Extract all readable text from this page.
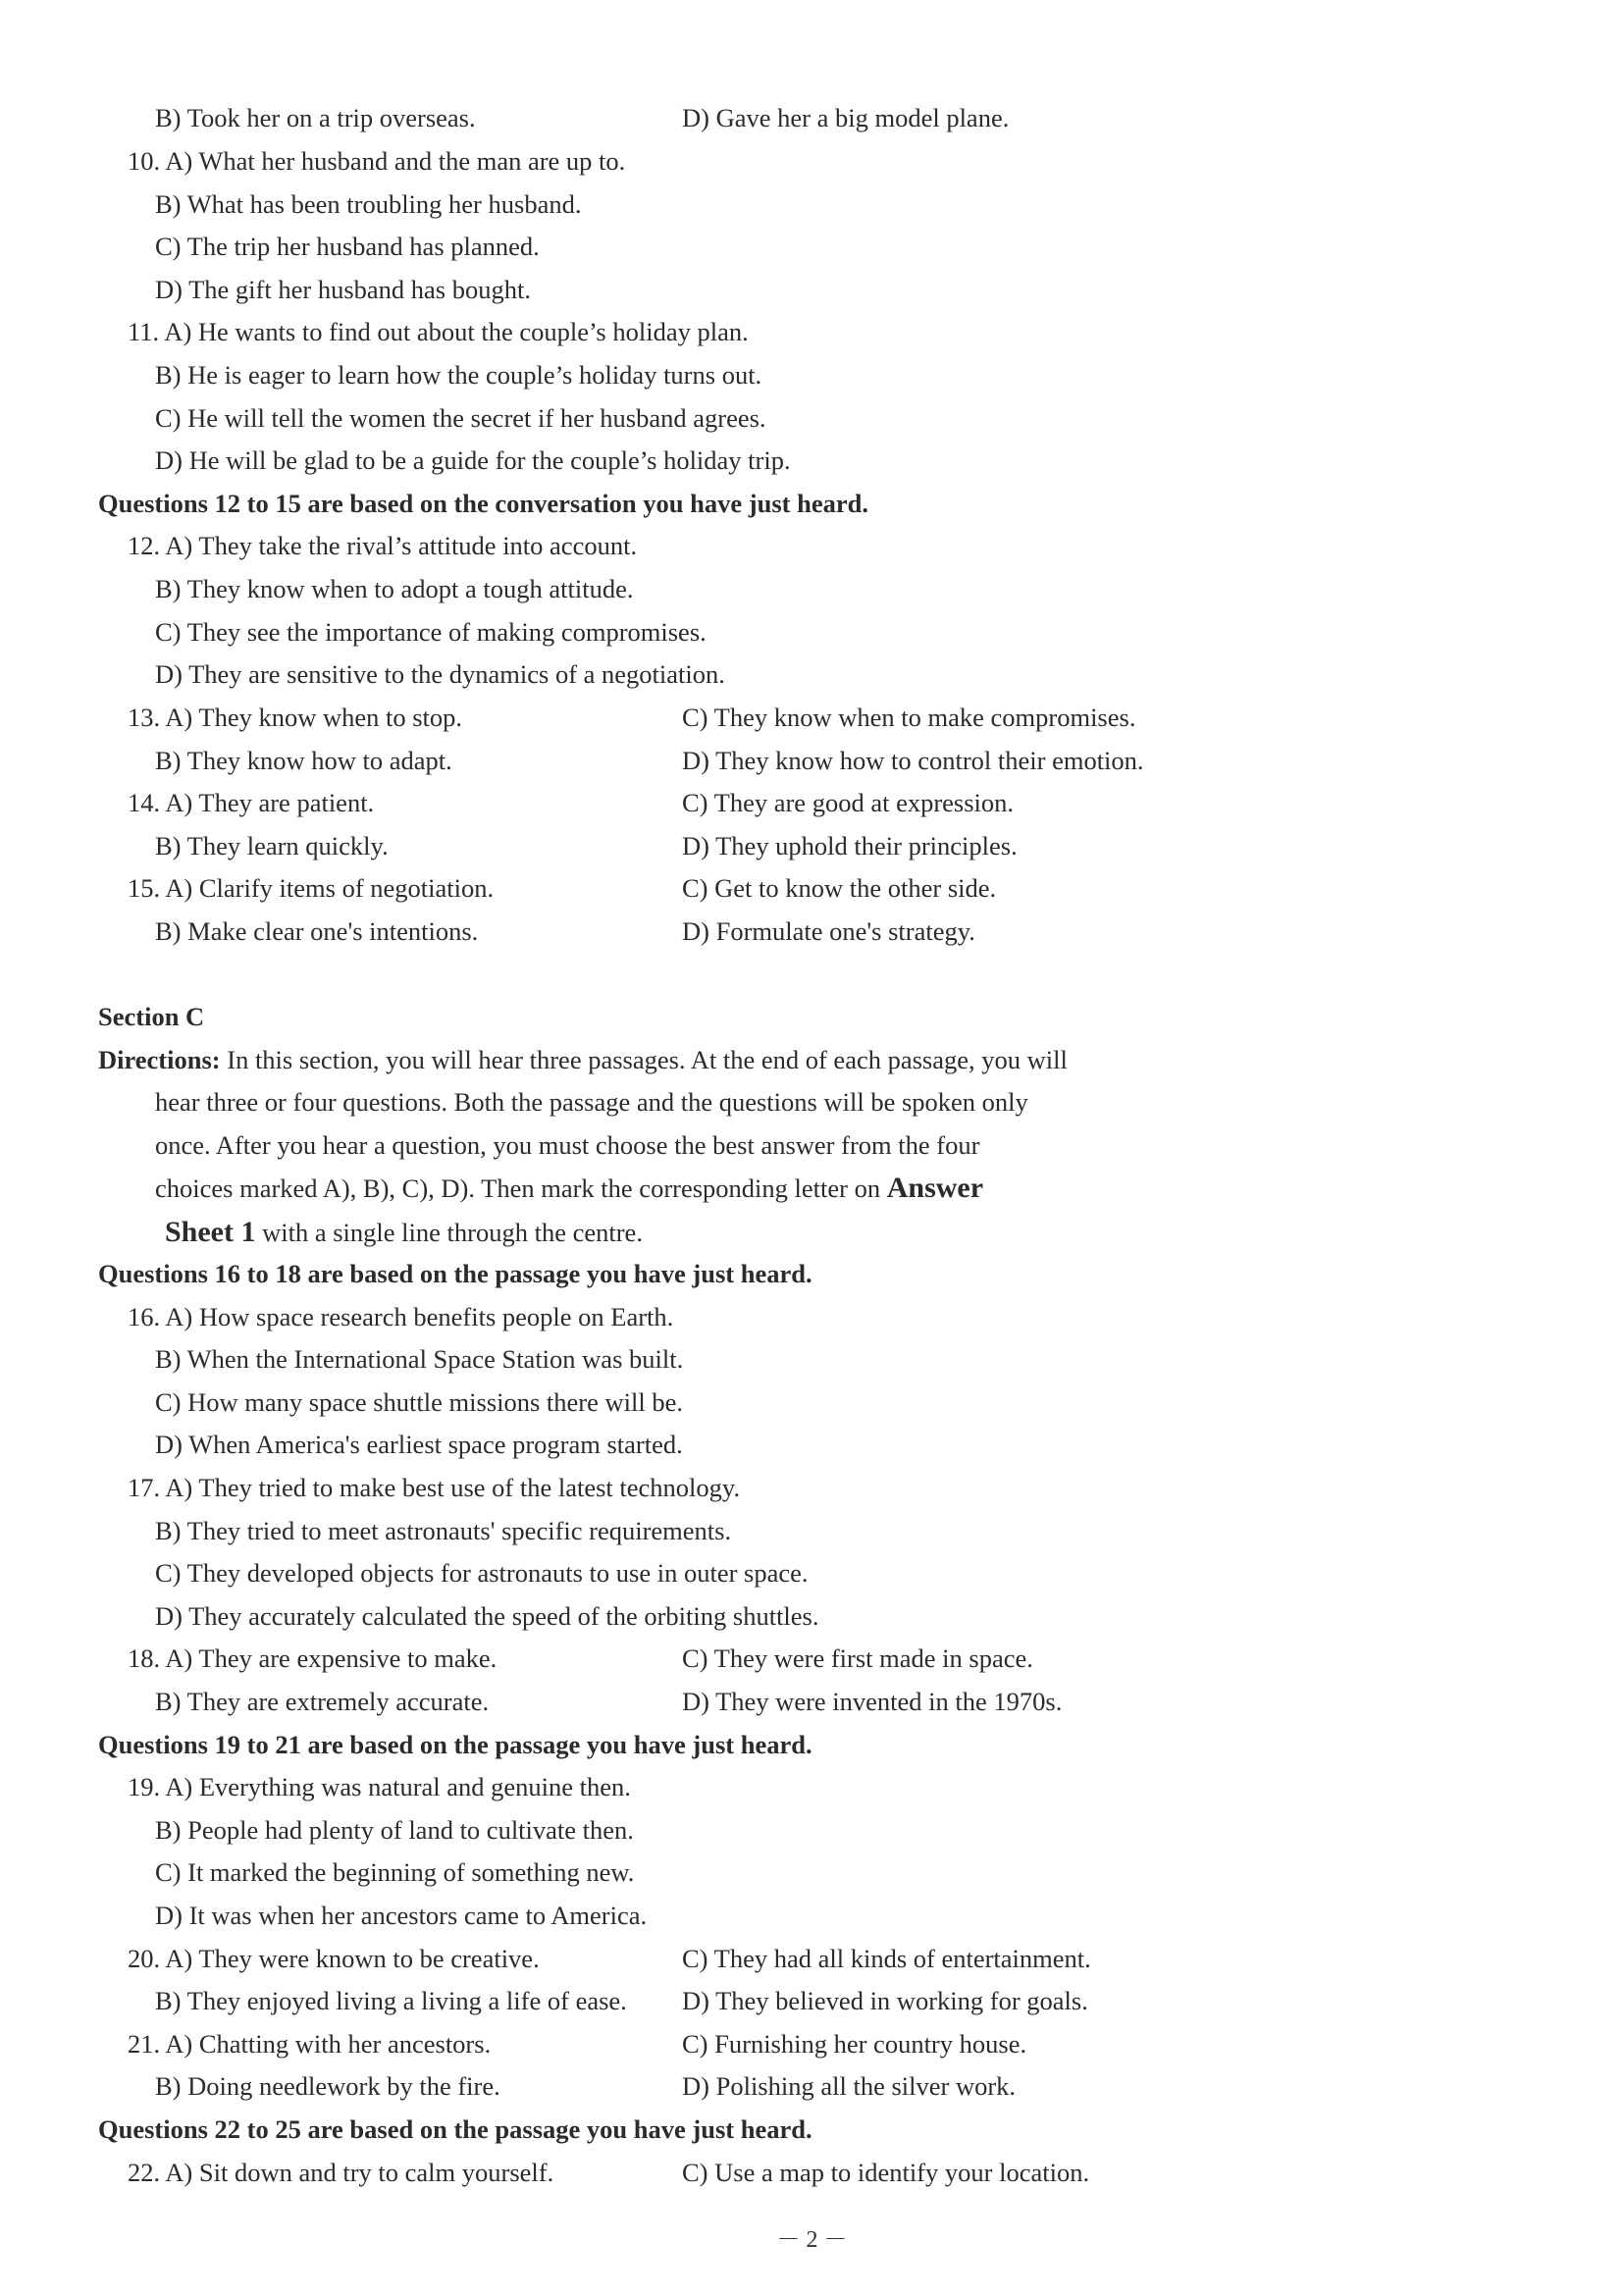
B) Took her on a trip overseas.	D) Gave her a big model plane.
10. A) What her husband and the man are up to.
B) What has been troubling her husband.
C) The trip her husband has planned.
D) The gift her husband has bought.
11. A) He wants to find out about the couple’s holiday plan.
B) He is eager to learn how the couple’s holiday turns out.
C) He will tell the women the secret if her husband agrees.
D) He will be glad to be a guide for the couple’s holiday trip.
Questions 12 to 15 are based on the conversation you have just heard.
12. A) They take the rival’s attitude into account.
B) They know when to adopt a tough attitude.
C) They see the importance of making compromises.
D) They are sensitive to the dynamics of a negotiation.
13. A) They know when to stop.	C) They know when to make compromises.
B) They know how to adapt.	D) They know how to control their emotion.
14. A) They are patient.	C) They are good at expression.
B) They learn quickly.	D) They uphold their principles.
15. A) Clarify items of negotiation.	C) Get to know the other side.
B) Make clear one's intentions.	D) Formulate one's strategy.
Section C
Directions: In this section, you will hear three passages. At the end of each passage, you will
hear three or four questions. Both the passage and the questions will be spoken only
once. After you hear a question, you must choose the best answer from the four
choices marked A), B), C), D). Then mark the corresponding letter on Answer
Sheet 1 with a single line through the centre.
Questions 16 to 18 are based on the passage you have just heard.
16. A) How space research benefits people on Earth.
B) When the International Space Station was built.
C) How many space shuttle missions there will be.
D) When America's earliest space program started.
17. A) They tried to make best use of the latest technology.
B) They tried to meet astronauts' specific requirements.
C) They developed objects for astronauts to use in outer space.
D) They accurately calculated the speed of the orbiting shuttles.
18. A) They are expensive to make.	C) They were first made in space.
B) They are extremely accurate.	D) They were invented in the 1970s.
Questions 19 to 21 are based on the passage you have just heard.
19. A) Everything was natural and genuine then.
B) People had plenty of land to cultivate then.
C) It marked the beginning of something new.
D) It was when her ancestors came to America.
20. A) They were known to be creative.	C) They had all kinds of entertainment.
B) They enjoyed living a living a life of ease. D) They believed in working for goals.
21. A) Chatting with her ancestors.	C) Furnishing her country house.
B) Doing needlework by the fire.	D) Polishing all the silver work.
Questions 22 to 25 are based on the passage you have just heard.
22. A) Sit down and try to calm yourself.	C) Use a map to identify your location.
－ 2 －
